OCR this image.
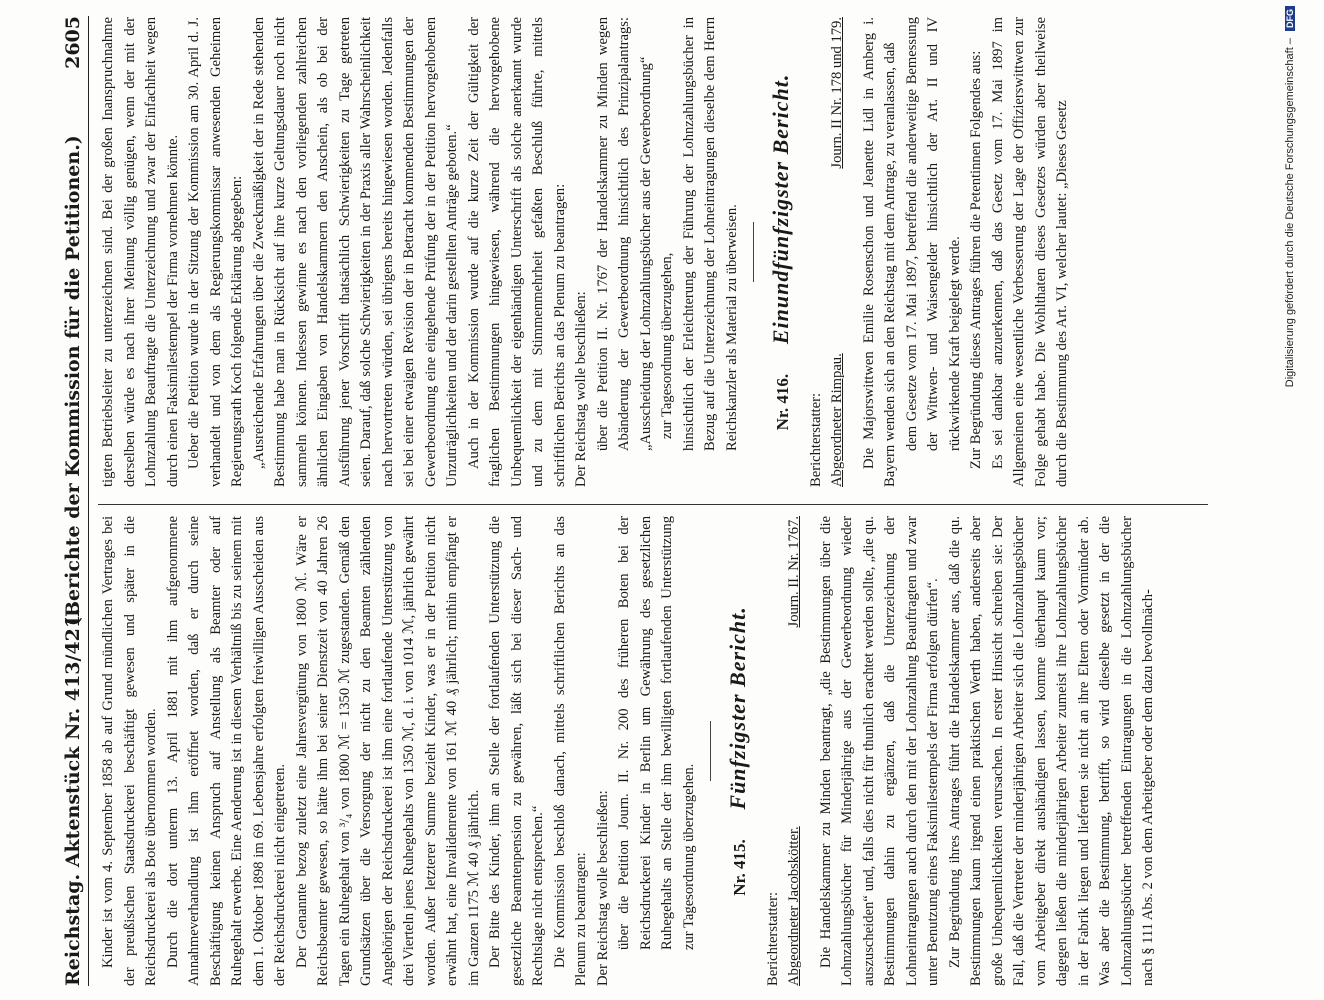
Reichstag. Aktenstück Nr. 413/421.
(Berichte der Kommission für die Petitionen.)
2605

Kinder ist vom 4. September 1858 ab auf Grund mündlichen Vertrages bei der preußischen Staatsdruckerei beschäftigt gewesen und später in die Reichsdruckerei als Bote übernommen worden. Durch die dort unterm 13. April 1881 mit ihm aufgenommene Annahmeverhandlung ist ihm eröffnet worden, daß er durch seine Beschäftigung keinen Anspruch auf Anstellung als Beamter oder auf Ruhegehalt erwerbe. Eine Aenderung ist in diesem Verhältniß bis zu seinem mit dem 1. Oktober 1898 im 69. Lebensjahre erfolgten freiwilligen Ausscheiden aus der Reichsdruckerei nicht eingetreten. Der Genannte bezog zuletzt eine Jahresvergütung von 1800 ℳ. Wäre er Reichsbeamter gewesen, so hätte ihm bei seiner Dienstzeit von 40 Jahren 26 Tagen ein Ruhegehalt von ³/₄ von 1800 ℳ = 1350 ℳ zugestanden. Gemäß den Grundsätzen über die Versorgung der nicht zu den Beamten zählenden Angehörigen der Reichsdruckerei ist ihm eine fortlaufende Unterstützung von drei Vierteln jenes Ruhegehalts von 1350 ℳ, d. i. von 1014 ℳ, jährlich gewährt worden. Außer letzterer Summe bezieht Kinder, was er in der Petition nicht erwähnt hat, eine Invalidenrente von 161 ℳ 40 ₰ jährlich; mithin empfängt er im Ganzen 1175 ℳ 40 ₰ jährlich. Der Bitte des Kinder, ihm an Stelle der fortlaufenden Unterstützung die gesetzliche Beamtenpension zu gewähren, läßt sich bei dieser Sach- und Rechtslage nicht entsprechen.“ Die Kommission beschloß danach, mittels schriftlichen Berichts an das Plenum zu beantragen: Der Reichstag wolle beschließen: über die Petition Journ. II. Nr. 200 des früheren Boten bei der Reichsdruckerei Kinder in Berlin um Gewährung des gesetzlichen Ruhegehalts an Stelle der ihm bewilligten fortlaufenden Unterstützung zur Tagesordnung überzugehen. Nr. 415. Fünfzigster Bericht.
Berichterstatter: Abgeordneter Jacobskötter.
Journ. II. Nr. 1767. Die Handelskammer zu Minden beantragt, „die Bestimmungen über die Lohnzahlungsbücher für Minderjährige aus der Gewerbeordnung wieder auszuscheiden“ und, falls dies nicht für thunlich erachtet werden sollte, „die qu. Bestimmungen dahin zu ergänzen, daß die Unterzeichnung der Lohneintragungen auch durch den mit der Lohnzahlung Beauftragten und zwar unter Benutzung eines Faksimilestempels der Firma erfolgen dürfen“. Zur Begründung ihres Antrages führt die Handelskammer aus, daß die qu. Bestimmungen kaum irgend einen praktischen Werth haben, anderseits aber große Unbequemlichkeiten verursachen. In erster Hinsicht schreiben sie: Der Fall, daß die Vertreter der minderjährigen Arbeiter sich die Lohnzahlungsbücher vom Arbeitgeber direkt aushändigen lassen, komme überhaupt kaum vor; dagegen ließen die minderjährigen Arbeiter zumeist ihre Lohnzahlungsbücher in der Fabrik liegen und lieferten sie nicht an ihre Eltern oder Vormünder ab. Was aber die Bestimmung, betrifft, so wird dieselbe gesetzt in der die Lohnzahlungsbücher betreffenden Eintragungen in die Lohnzahlungsbücher nach § 111 Abs. 2 von dem Arbeitgeber oder dem dazu bevollmäch-

tigten Betriebsleiter zu unterzeichnen sind. Bei der großen Inanspruchnahme derselben würde es nach ihrer Meinung völlig genügen, wenn der mit der Lohnzahlung Beauftragte die Unterzeichnung und zwar der Einfachheit wegen durch einen Faksimilestempel der Firma vornehmen könnte. Ueber die Petition wurde in der Sitzung der Kommission am 30. April d. J. verhandelt und von dem als Regierungskommissar anwesenden Geheimen Regierungsrath Koch folgende Erklärung abgegeben: „Ausreichende Erfahrungen über die Zweckmäßigkeit der in Rede stehenden Bestimmung habe man in Rücksicht auf ihre kurze Geltungsdauer noch nicht sammeln können. Indessen gewinne es nach den vorliegenden zahlreichen ähnlichen Eingaben von Handelskammern den Anschein, als ob bei der Ausführung jener Vorschrift thatsächlich Schwierigkeiten zu Tage getreten seien. Darauf, daß solche Schwierigkeiten in der Praxis aller Wahrscheinlichkeit nach hervortreten würden, sei übrigens bereits hingewiesen worden. Jedenfalls sei bei einer etwaigen Revision der in Betracht kommenden Bestimmungen der Gewerbeordnung eine eingehende Prüfung der in der Petition hervorgehobenen Unzuträglichkeiten und der darin gestellten Anträge geboten.“ Auch in der Kommission wurde auf die kurze Zeit der Gültigkeit der fraglichen Bestimmungen hingewiesen, während die hervorgehobene Unbequemlichkeit der eigenhändigen Unterschrift als solche anerkannt wurde und zu dem mit Stimmenmehrheit gefaßten Beschluß führte, mittels schriftlichen Berichts an das Plenum zu beantragen: Der Reichstag wolle beschließen: über die Petition II. Nr. 1767 der Handelskammer zu Minden wegen Abänderung der Gewerbeordnung hinsichtlich des Prinzipalantrags: „Ausscheidung der Lohnzahlungsbücher aus der Gewerbeordnung“ zur Tagesordnung überzugehen, hinsichtlich der Erleichterung der Führung der Lohnzahlungsbücher in Bezug auf die Unterzeichnung der Lohneintragungen dieselbe dem Herrn Reichskanzler als Material zu überweisen. Nr. 416. Einundfünfzigster Bericht.
Berichterstatter: Abgeordneter Rimpau.
Journ. II Nr. 178 und 179. Die Majorswittwen Emilie Rosenschon und Jeanette Lidl in Amberg i. Bayern wenden sich an den Reichstag mit dem Antrage, zu veranlassen, daß dem Gesetze vom 17. Mai 1897, betreffend die anderweitige Bemessung der Wittwen- und Waisengelder hinsichtlich der Art. II und IV rückwirkende Kraft beigelegt werde. Zur Begründung dieses Antrages führen die Petentinnen Folgendes aus: Es sei dankbar anzuerkennen, daß das Gesetz vom 17. Mai 1897 im Allgemeinen eine wesentliche Verbesserung der Lage der Offizierswittwen zur Folge gehabt habe. Die Wohlthaten dieses Gesetzes würden aber theilweise durch die Bestimmung des Art. VI, welcher lautet: „Dieses Gesetz	Digitalisierung gefördert durch die Deutsche Forschungsgemeinschaft – DFG
